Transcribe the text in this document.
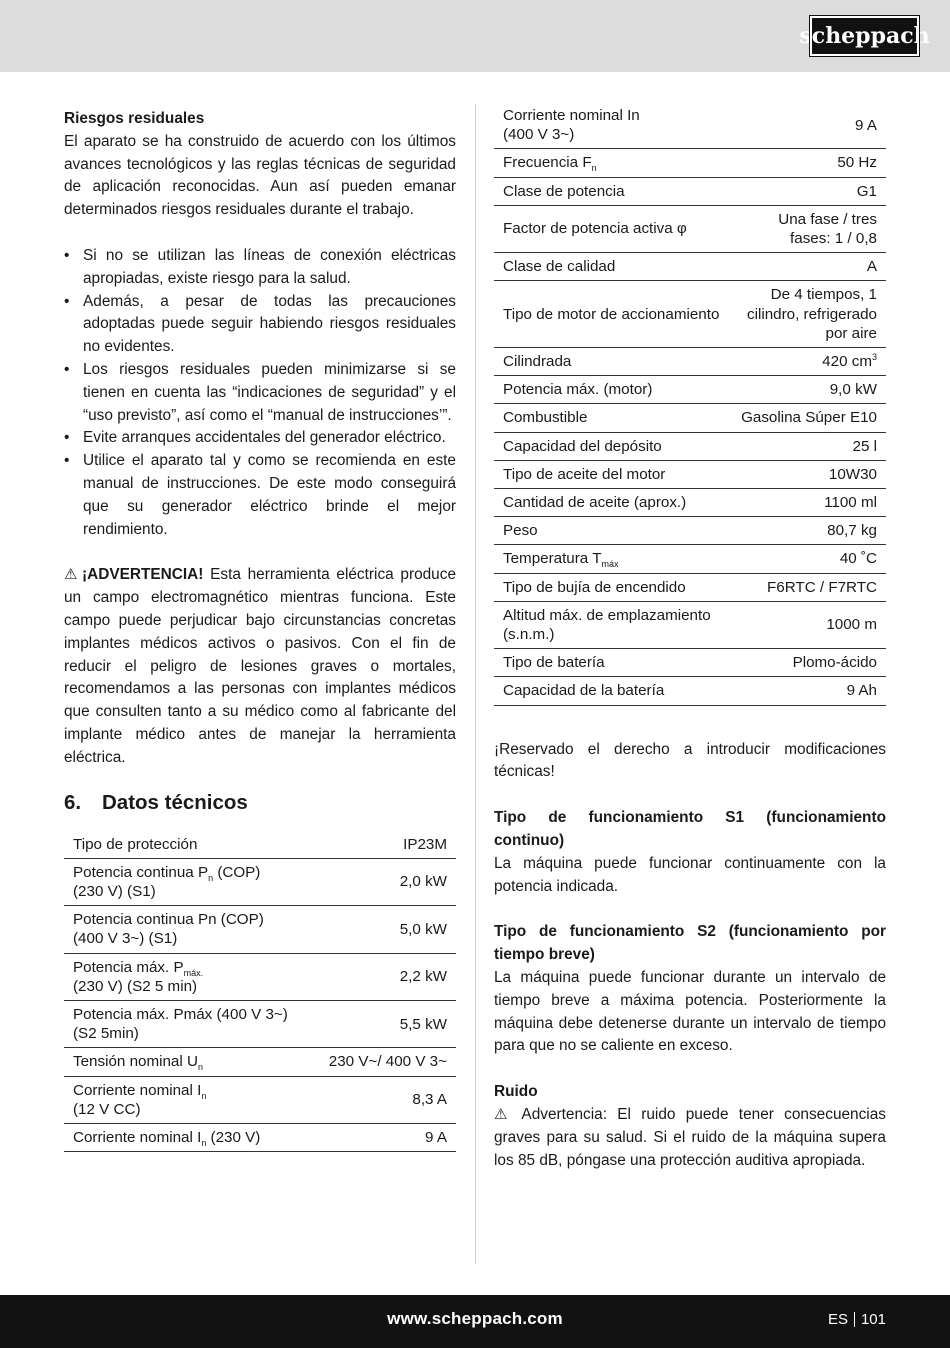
scheppach

Riesgos residuales

El aparato se ha construido de acuerdo con los últimos avances tecnológicos y las reglas técnicas de seguridad de aplicación reconocidas. Aun así pueden emanar determinados riesgos residuales durante el trabajo.

• Si no se utilizan las líneas de conexión eléctricas apropiadas, existe riesgo para la salud.
• Además, a pesar de todas las precauciones adoptadas puede seguir habiendo riesgos residuales no evidentes.
• Los riesgos residuales pueden minimizarse si se tienen en cuenta las “indicaciones de seguridad” y el “uso previsto”, así como el “manual de instrucciones’”.
• Evite arranques accidentales del generador eléctrico.
• Utilice el aparato tal y como se recomienda en este manual de instrucciones. De este modo conseguirá que su generador eléctrico brinde el mejor rendimiento.

⚠ ¡ADVERTENCIA! Esta herramienta eléctrica produce un campo electromagnético mientras funciona. Este campo puede perjudicar bajo circunstancias concretas implantes médicos activos o pasivos. Con el fin de reducir el peligro de lesiones graves o mortales, recomendamos a las personas con implantes médicos que consulten tanto a su médico como al fabricante del implante médico antes de manejar la herramienta eléctrica.

6.	Datos técnicos
Tipo de protección	IP23M
Potencia continua $P_n$ (COP)
(230 V) (S1)	2,0 kW
Potencia continua Pn (COP)
(400 V 3~) (S1)	5,0 kW
Potencia máx. $P_{máx.}$
(230 V) (S2 5 min)	2,2 kW
Potencia máx. Pmáx (400 V 3~)
(S2 5min)	5,5 kW
Tensión nominal $U_n$	230 V~/ 400 V 3~
Corriente nominal $I_n$
(12 V CC)	8,3 A
Corriente nominal $I_n$ (230 V)	9 A
Corriente nominal In
(400 V 3~)	9 A
Frecuencia $F_n$	50 Hz
Clase de potencia	G1
Factor de potencia activa φ	Una fase / tres fases: 1 / 0,8
Clase de calidad	A
Tipo de motor de accionamiento	De 4 tiempos, 1 cilindro, refrigerado por aire
Cilindrada	420 $cm^3$
Potencia máx. (motor)	9,0 kW
Combustible	Gasolina Súper E10
Capacidad del depósito	25 l
Tipo de aceite del motor	10W30
Cantidad de aceite (aprox.)	1100 ml
Peso	80,7 kg
Temperatura $T_{máx}$	40 ˚C
Tipo de bujía de encendido	F6RTC / F7RTC
Altitud máx. de emplazamiento
(s.n.m.)	1000 m
Tipo de batería	Plomo-ácido
Capacidad de la batería	9 Ah

¡Reservado el derecho a introducir modificaciones técnicas!

Tipo de funcionamiento S1 (funcionamiento continuo)

La máquina puede funcionar continuamente con la potencia indicada.

Tipo de funcionamiento S2 (funcionamiento por tiempo breve)

La máquina puede funcionar durante un intervalo de tiempo breve a máxima potencia. Posteriormente la máquina debe detenerse durante un intervalo de tiempo para que no se caliente en exceso.

Ruido

⚠ Advertencia: El ruido puede tener consecuencias graves para su salud. Si el ruido de la máquina supera los 85 dB, póngase una protección auditiva apropiada.

www.scheppach.com	ES 101
